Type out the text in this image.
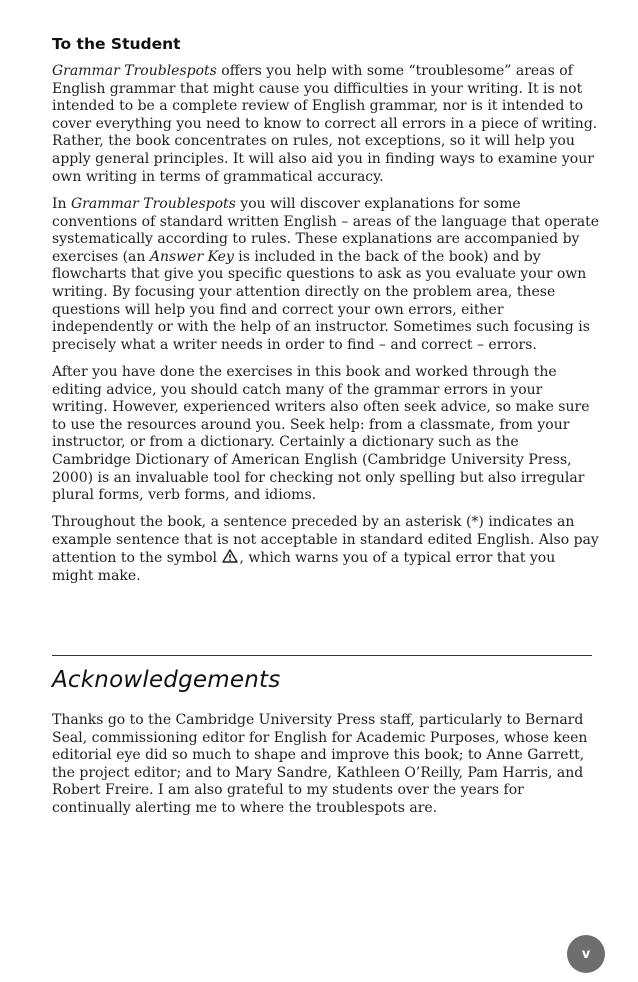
To the Student

Grammar Troublespots offers you help with some “troublesome” areas of English grammar that might cause you difficulties in your writing. It is not intended to be a complete review of English grammar, nor is it intended to cover everything you need to know to correct all errors in a piece of writing. Rather, the book concentrates on rules, not exceptions, so it will help you apply general principles. It will also aid you in finding ways to examine your own writing in terms of grammatical accuracy.

In Grammar Troublespots you will discover explanations for some conventions of standard written English – areas of the language that operate systematically according to rules. These explanations are accompanied by exercises (an Answer Key is included in the back of the book) and by flowcharts that give you specific questions to ask as you evaluate your own writing. By focusing your attention directly on the problem area, these questions will help you find and correct your own errors, either independently or with the help of an instructor. Sometimes such focusing is precisely what a writer needs in order to find – and correct – errors.

After you have done the exercises in this book and worked through the editing advice, you should catch many of the grammar errors in your writing. However, experienced writers also often seek advice, so make sure to use the resources around you. Seek help: from a classmate, from your instructor, or from a dictionary. Certainly a dictionary such as the Cambridge Dictionary of American English (Cambridge University Press, 2000) is an invaluable tool for checking not only spelling but also irregular plural forms, verb forms, and idioms.

Throughout the book, a sentence preceded by an asterisk (*) indicates an example sentence that is not acceptable in standard edited English. Also pay attention to the symbol , which warns you of a typical error that you might make.

Acknowledgements

Thanks go to the Cambridge University Press staff, particularly to Bernard Seal, commissioning editor for English for Academic Purposes, whose keen editorial eye did so much to shape and improve this book; to Anne Garrett, the project editor; and to Mary Sandre, Kathleen O’Reilly, Pam Harris, and Robert Freire. I am also grateful to my students over the years for continually alerting me to where the troublespots are.

v
